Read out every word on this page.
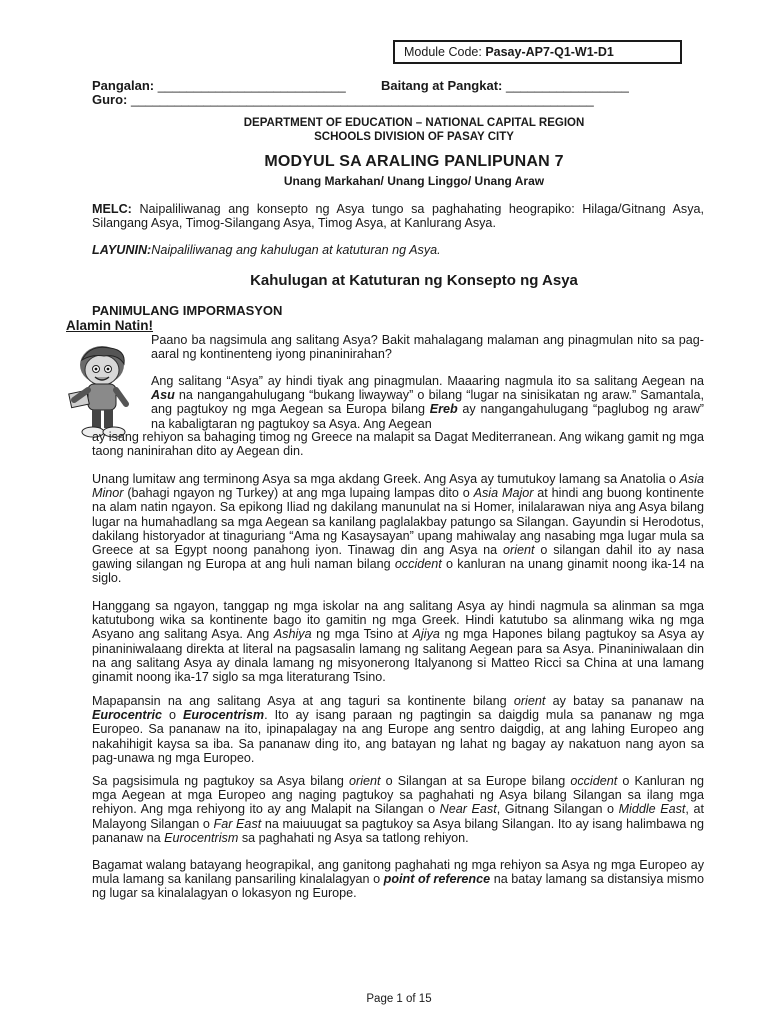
Module Code: Pasay-AP7-Q1-W1-D1
Pangalan: __________________________	Baitang at Pangkat: _________________
Guro: ________________________________________________________________
DEPARTMENT OF EDUCATION – NATIONAL CAPITAL REGION
SCHOOLS DIVISION OF PASAY CITY
MODYUL SA ARALING PANLIPUNAN 7
Unang Markahan/ Unang Linggo/ Unang Araw
MELC: Naipaliliwanag ang konsepto ng Asya tungo sa paghahating heograpiko: Hilaga/Gitnang Asya, Silangang Asya, Timog-Silangang Asya, Timog Asya, at Kanlurang Asya.
LAYUNIN:Naipaliliwanag ang kahulugan at katuturan ng Asya.
Kahulugan at Katuturan ng Konsepto ng Asya
PANIMULANG IMPORMASYON
Alamin Natin!
Paano ba nagsimula ang salitang Asya? Bakit mahalagang malaman ang pinagmulan nito sa pag-aaral ng kontinenteng iyong pinaninirahan?
Ang salitang “Asya” ay hindi tiyak ang pinagmulan. Maaaring nagmula ito sa salitang Aegean na Asu na nangangahulugang “bukang liwayway” o bilang “lugar na sinisikatan ng araw.” Samantala, ang pagtukoy ng mga Aegean sa Europa bilang Ereb ay nangangahulugang “paglubog ng araw” na kabaligtaran ng pagtukoy sa Asya. Ang Aegean
ay isang rehiyon sa bahaging timog ng Greece na malapit sa Dagat Mediterranean. Ang wikang gamit ng mga taong naninirahan dito ay Aegean din.
Unang lumitaw ang terminong Asya sa mga akdang Greek. Ang Asya ay tumutukoy lamang sa Anatolia o Asia Minor (bahagi ngayon ng Turkey) at ang mga lupaing lampas dito o Asia Major at hindi ang buong kontinente na alam natin ngayon. Sa epikong Iliad ng dakilang manunulat na si Homer, inilalarawan niya ang Asya bilang lugar na humahadlang sa mga Aegean sa kanilang paglalakbay patungo sa Silangan. Gayundin si Herodotus, dakilang historyador at tinaguriang “Ama ng Kasaysayan” upang mahiwalay ang nasabing mga lugar mula sa Greece at sa Egypt noong panahong iyon. Tinawag din ang Asya na orient o silangan dahil ito ay nasa gawing silangan ng Europa at ang huli naman bilang occident o kanluran na unang ginamit noong ika-14 na siglo.
Hanggang sa ngayon, tanggap ng mga iskolar na ang salitang Asya ay hindi nagmula sa alinman sa mga katutubong wika sa kontinente bago ito gamitin ng mga Greek. Hindi katutubo sa alinmang wika ng mga Asyano ang salitang Asya. Ang Ashiya ng mga Tsino at Ajiya ng mga Hapones bilang pagtukoy sa Asya ay pinaniniwalaang direkta at literal na pagsasalin lamang ng salitang Aegean para sa Asya. Pinaniniwalaan din na ang salitang Asya ay dinala lamang ng misyonerong Italyanong si Matteo Ricci sa China at una lamang ginamit noong ika-17 siglo sa mga literaturang Tsino.
Mapapansin na ang salitang Asya at ang taguri sa kontinente bilang orient ay batay sa pananaw na Eurocentric o Eurocentrism. Ito ay isang paraan ng pagtingin sa daigdig mula sa pananaw ng mga Europeo. Sa pananaw na ito, ipinapalagay na ang Europe ang sentro daigdig, at ang lahing Europeo ang nakahihigit kaysa sa iba. Sa pananaw ding ito, ang batayan ng lahat ng bagay ay nakatuon nang ayon sa pag-unawa ng mga Europeo.
Sa pagsisimula ng pagtukoy sa Asya bilang orient o Silangan at sa Europe bilang occident o Kanluran ng mga Aegean at mga Europeo ang naging pagtukoy sa paghahati ng Asya bilang Silangan sa ilang mga rehiyon. Ang mga rehiyong ito ay ang Malapit na Silangan o Near East, Gitnang Silangan o Middle East, at Malayong Silangan o Far East na maiuuugat sa pagtukoy sa Asya bilang Silangan. Ito ay isang halimbawa ng pananaw na Eurocentrism sa paghahati ng Asya sa tatlong rehiyon.
Bagamat walang batayang heograpikal, ang ganitong paghahati ng mga rehiyon sa Asya ng mga Europeo ay mula lamang sa kanilang pansariling kinalalagyan o point of reference na batay lamang sa distansiya mismo ng lugar sa kinalalagyan o lokasyon ng Europe.
Page 1 of 15
